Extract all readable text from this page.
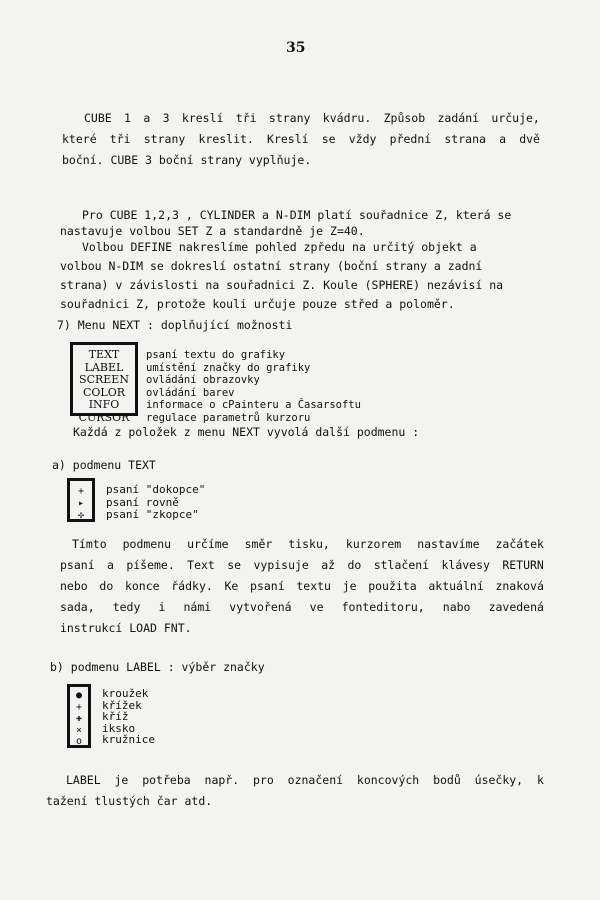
35
CUBE 1 a 3 kreslí tři strany kvádru. Způsob zadání určuje,
které tři strany kreslit. Kreslí se vždy přední strana a dvě
boční. CUBE 3 boční strany vyplňuje.
Pro CUBE 1,2,3 , CYLINDER a N-DIM platí souřadnice Z, která se
nastavuje volbou SET Z a standardně je Z=40.
Volbou DEFINE nakreslíme pohled zpředu na určitý objekt a
volbou N-DIM se dokreslí ostatní strany (boční strany a zadní
strana) v závislosti na souřadnici Z. Koule (SPHERE) nezávisí na
souřadnici Z, protože kouli určuje pouze střed a poloměr.
7) Menu NEXT : doplňující možnosti
TEXT
LABEL
SCREEN
COLOR
INFO
CURSOR
psaní textu do grafiky
umístění značky do grafiky
ovládání obrazovky
ovládání barev
informace o cPainteru a Časarsoftu
regulace parametrů kurzoru
Každá z položek z menu NEXT vyvolá další podmenu :
a) podmenu TEXT
+
▸
✣
psaní "dokopce"
psaní rovně
psaní "zkopce"
Tímto podmenu určíme směr tisku, kurzorem nastavíme začátek
psaní a píšeme. Text se vypisuje až do stlačení klávesy RETURN
nebo do konce řádky. Ke psaní textu je použita aktuální znaková
sada, tedy i námi vytvořená ve fonteditoru, nabo zavedená
instrukcí LOAD FNT.
b) podmenu LABEL : výběr značky
●
+
✚
×
o
kroužek
křížek
kříž
iksko
kružnice
LABEL je potřeba např. pro označení koncových bodů úsečky, k
tažení tlustých čar atd.
